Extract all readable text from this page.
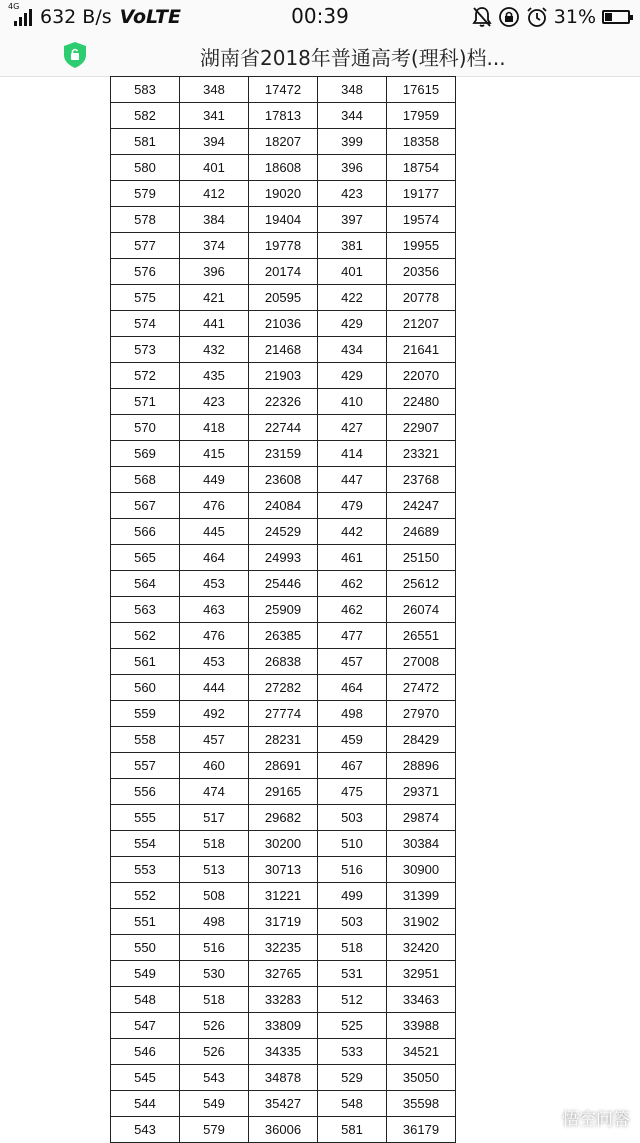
4G 632 B/s VoLTE	00:39	31%
湖南省2018年普通高考(理科)档...
583	348	17472	348	17615
582	341	17813	344	17959
581	394	18207	399	18358
580	401	18608	396	18754
579	412	19020	423	19177
578	384	19404	397	19574
577	374	19778	381	19955
576	396	20174	401	20356
575	421	20595	422	20778
574	441	21036	429	21207
573	432	21468	434	21641
572	435	21903	429	22070
571	423	22326	410	22480
570	418	22744	427	22907
569	415	23159	414	23321
568	449	23608	447	23768
567	476	24084	479	24247
566	445	24529	442	24689
565	464	24993	461	25150
564	453	25446	462	25612
563	463	25909	462	26074
562	476	26385	477	26551
561	453	26838	457	27008
560	444	27282	464	27472
559	492	27774	498	27970
558	457	28231	459	28429
557	460	28691	467	28896
556	474	29165	475	29371
555	517	29682	503	29874
554	518	30200	510	30384
553	513	30713	516	30900
552	508	31221	499	31399
551	498	31719	503	31902
550	516	32235	518	32420
549	530	32765	531	32951
548	518	33283	512	33463
547	526	33809	525	33988
546	526	34335	533	34521
545	543	34878	529	35050
544	549	35427	548	35598
543	579	36006	581	36179	悟空问答
